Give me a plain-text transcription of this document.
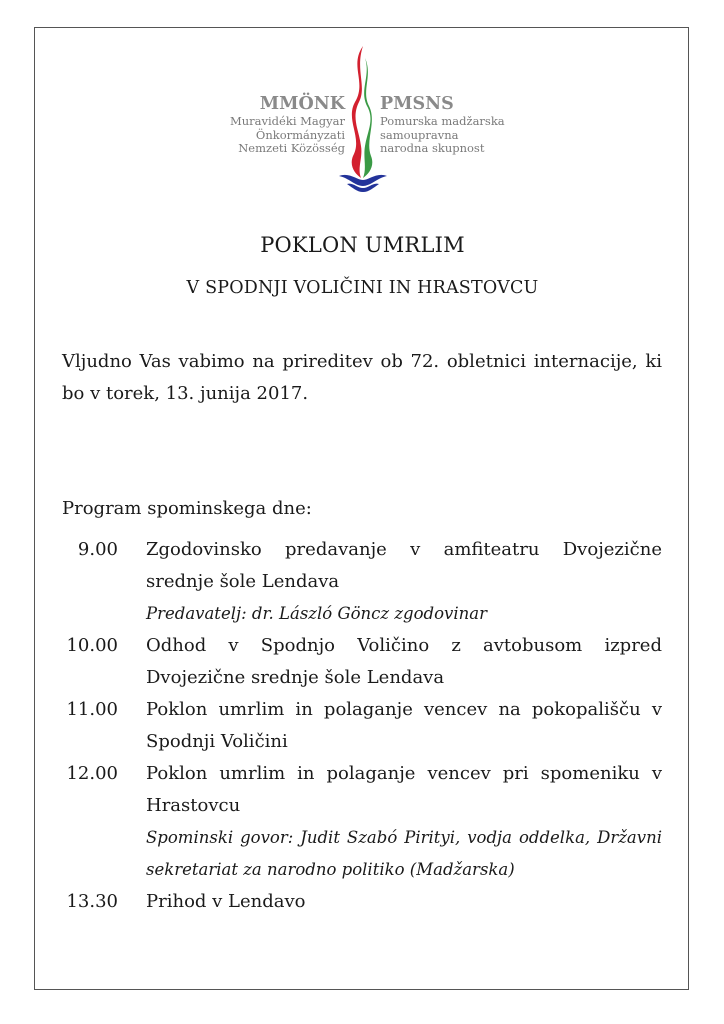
MMÖNK
Muravidéki Magyar
Önkormányzati
Nemzeti Közösség
PMSNS
Pomurska madžarska
samoupravna
narodna skupnost
POKLON UMRLIM
V SPODNJI VOLIČINI IN HRASTOVCU
Vljudno Vas vabimo na prireditev ob 72. obletnici internacije, ki bo v torek, 13. junija 2017.
Program spominskega dne:
9.00 Zgodovinsko predavanje v amfiteatru Dvojezične srednje šole Lendava
Predavatelj: dr. László Göncz zgodovinar
10.00 Odhod v Spodnjo Voličino z avtobusom izpred Dvojezične srednje šole Lendava
11.00 Poklon umrlim in polaganje vencev na pokopališču v Spodnji Voličini
12.00 Poklon umrlim in polaganje vencev pri spomeniku v Hrastovcu
Spominski govor: Judit Szabó Pirityi, vodja oddelka, Državni sekretariat za narodno politiko (Madžarska)
13.30 Prihod v Lendavo
